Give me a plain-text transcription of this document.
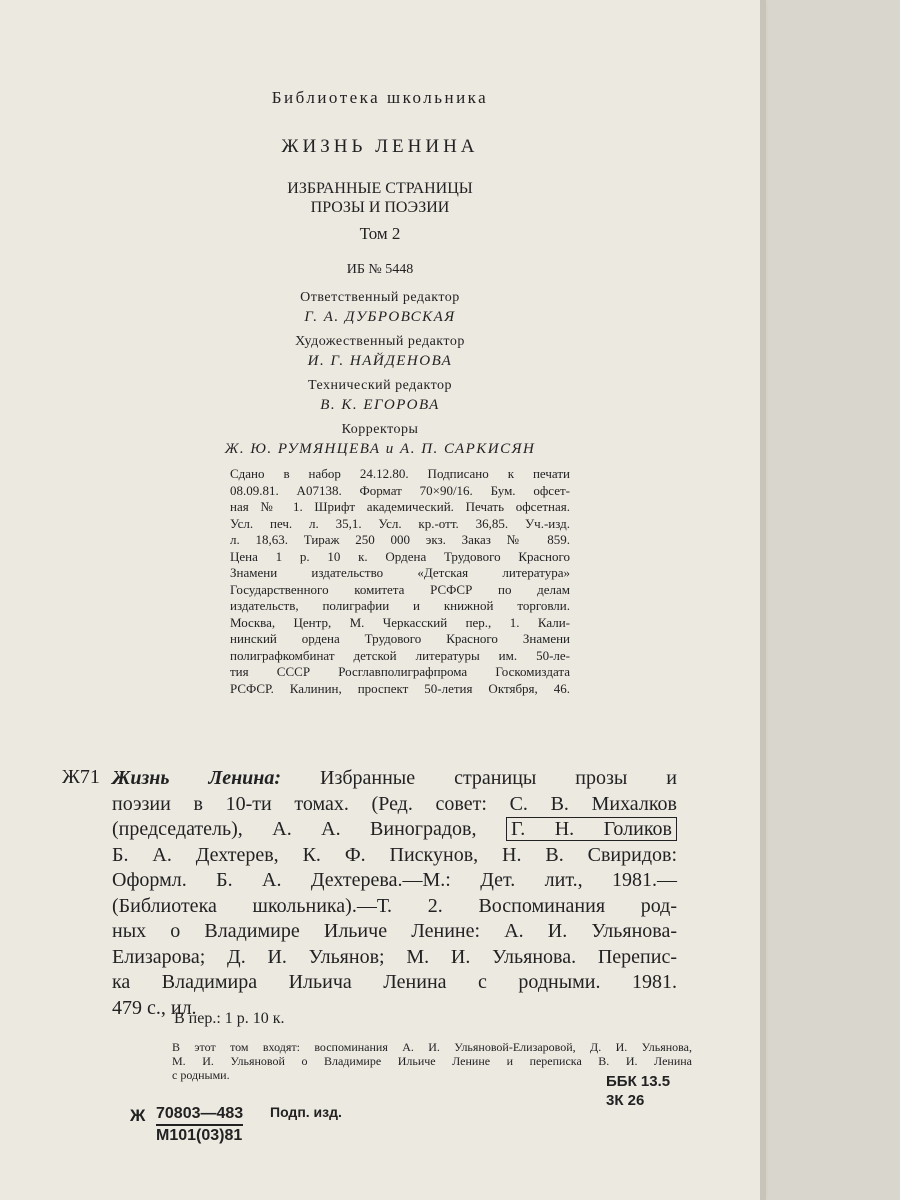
Библиотека школьника
ЖИЗНЬ ЛЕНИНА
ИЗБРАННЫЕ СТРАНИЦЫ
ПРОЗЫ И ПОЭЗИИ
Том 2
ИБ № 5448
Ответственный редактор
Г. А. ДУБРОВСКАЯ
Художественный редактор
И. Г. НАЙДЕНОВА
Технический редактор
В. К. ЕГОРОВА
Корректоры
Ж. Ю. РУМЯНЦЕВА и А. П. САРКИСЯН
Сдано в набор 24.12.80. Подписано к печати
08.09.81. А07138. Формат 70×90/16. Бум. офсет-
ная № 1. Шрифт академический. Печать офсетная.
Усл. печ. л. 35,1. Усл. кр.-отт. 36,85. Уч.-изд.
л. 18,63. Тираж 250 000 экз. Заказ № 859.
Цена 1 р. 10 к. Ордена Трудового Красного
Знамени издательство «Детская литература»
Государственного комитета РСФСР по делам
издательств, полиграфии и книжной торговли.
Москва, Центр, М. Черкасский пер., 1. Кали-
нинский ордена Трудового Красного Знамени
полиграфкомбинат детской литературы им. 50-ле-
тия СССР Росглавполиграфпрома Госкомиздата
РСФСР. Калинин, проспект 50-летия Октября, 46.
Ж71 Жизнь Ленина: Избранные страницы прозы и
поэзии в 10-ти томах. (Ред. совет: С. В. Михалков
(председатель), А. А. Виноградов, Г. Н. Голиков
Б. А. Дехтерев, К. Ф. Пискунов, Н. В. Свиридов:
Оформл. Б. А. Дехтерева.—М.: Дет. лит., 1981.—
(Библиотека школьника).—Т. 2. Воспоминания род-
ных о Владимире Ильиче Ленине: А. И. Ульянова-
Елизарова; Д. И. Ульянов; М. И. Ульянова. Перепис-
ка Владимира Ильича Ленина с родными. 1981.
479 с., ил.
В пер.: 1 р. 10 к.
В этот том входят: воспоминания А. И. Ульяновой-Елизаровой, Д. И. Ульянова,
М. И. Ульяновой о Владимире Ильиче Ленине и переписка В. И. Ленина
с родными.	ББК 13.5
3К 26
Ж 70803—483
М101(03)81
Подп. изд.
